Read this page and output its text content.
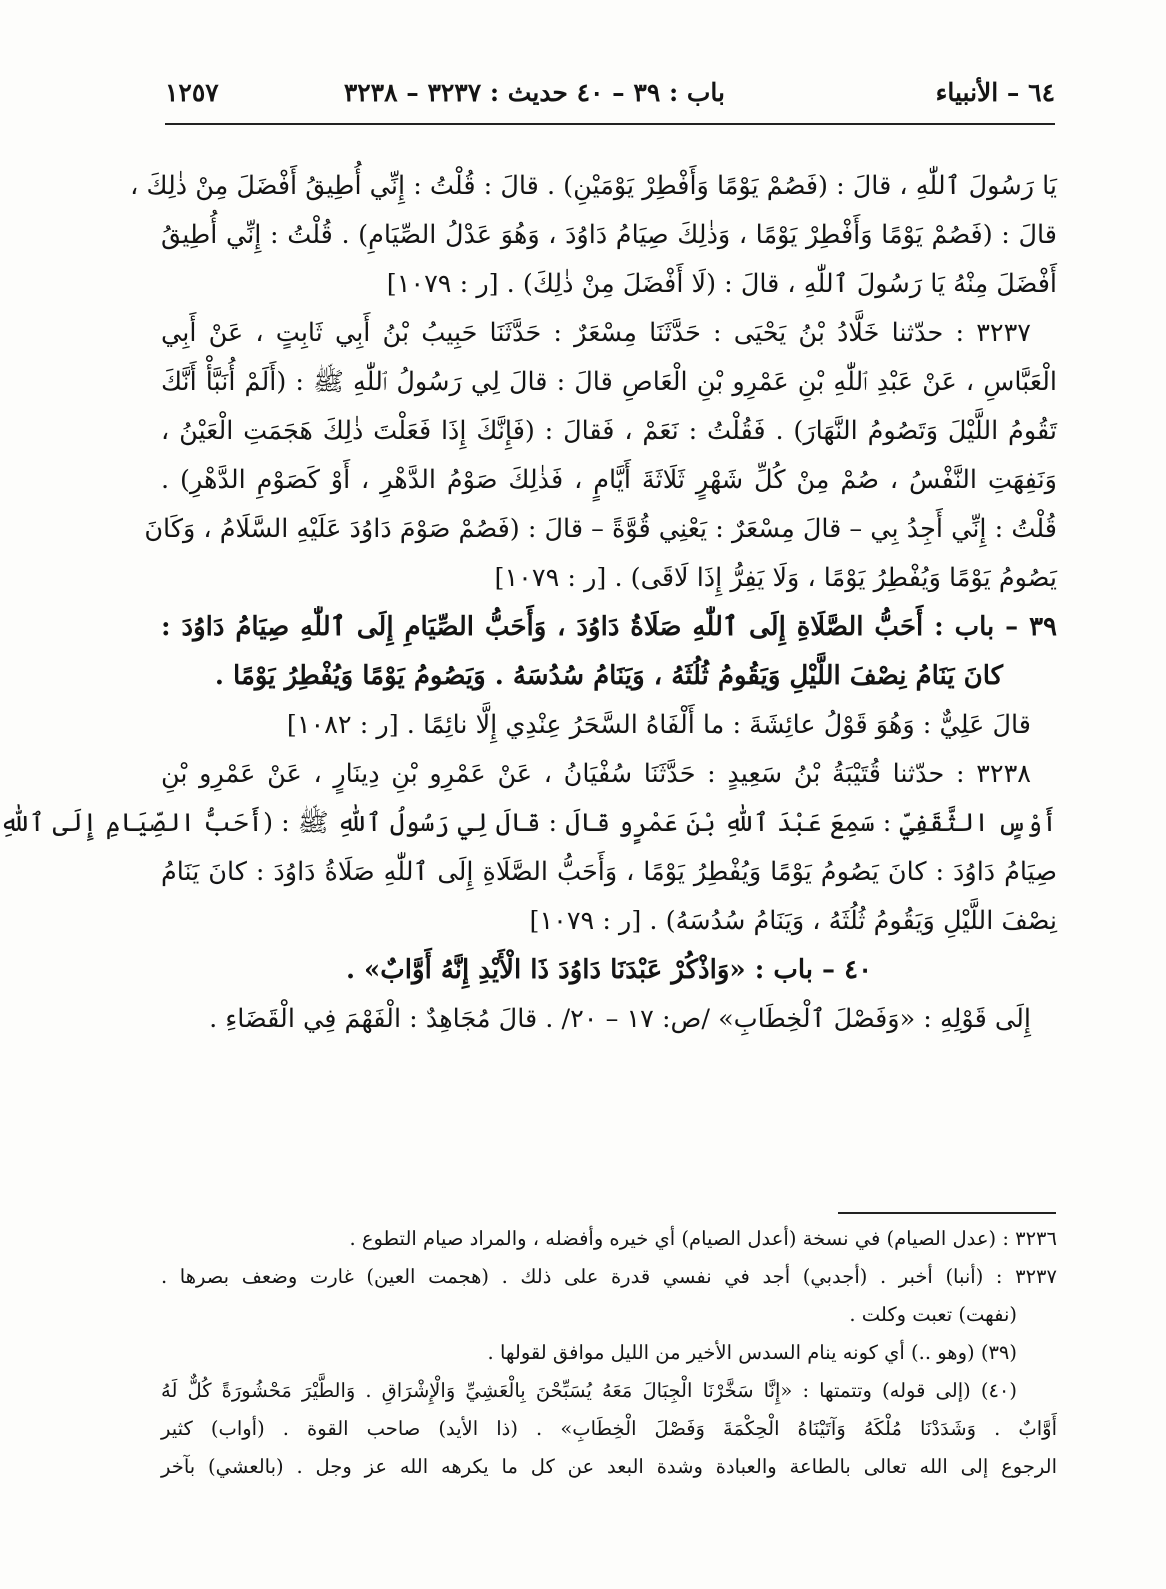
٦٤ – الأنبياء
باب : ٣٩ – ٤٠ حديث : ٣٢٣٧ – ٣٢٣٨
١٢٥٧
يَا رَسُولَ ٱللّٰهِ ، قالَ : (فَصُمْ يَوْمًا وَأَفْطِرْ يَوْمَيْنِ) . قالَ : قُلْتُ : إِنِّي أُطِيقُ أَفْضَلَ مِنْ ذٰلِكَ ،
قالَ : (فَصُمْ يَوْمًا وَأَفْطِرْ يَوْمًا ، وَذٰلِكَ صِيَامُ دَاوُدَ ، وَهُوَ عَدْلُ الصِّيَامِ) . قُلْتُ : إِنِّي أُطِيقُ
أَفْضَلَ مِنْهُ يَا رَسُولَ ٱللّٰهِ ، قالَ : (لَا أَفْضَلَ مِنْ ذٰلِكَ) . [ر : ١٠٧٩]
٣٢٣٧ : حدّثنا خَلَّادُ بْنُ يَحْيَى : حَدَّثَنَا مِسْعَرٌ : حَدَّثَنَا حَبِيبُ بْنُ أَبِي ثَابِتٍ ، عَنْ أَبِي
الْعَبَّاسِ ، عَنْ عَبْدِ ٱللّٰهِ بْنِ عَمْرِو بْنِ الْعَاصِ قالَ : قالَ لِي رَسُولُ ٱللّٰهِ ﷺ : (أَلَمْ أُنَبَّأْ أَنَّكَ
تَقُومُ اللَّيْلَ وَتَصُومُ النَّهَارَ) . فَقُلْتُ : نَعَمْ ، فَقالَ : (فَإِنَّكَ إِذَا فَعَلْتَ ذٰلِكَ هَجَمَتِ الْعَيْنُ ،
وَنَفِهَتِ النَّفْسُ ، صُمْ مِنْ كُلِّ شَهْرٍ ثَلَاثَةَ أَيَّامٍ ، فَذٰلِكَ صَوْمُ الدَّهْرِ ، أَوْ كَصَوْمِ الدَّهْرِ) .
قُلْتُ : إِنِّي أَجِدُ بِي – قالَ مِسْعَرٌ : يَعْنِي قُوَّةً – قالَ : (فَصُمْ صَوْمَ دَاوُدَ عَلَيْهِ السَّلَامُ ، وَكَانَ
يَصُومُ يَوْمًا وَيُفْطِرُ يَوْمًا ، وَلَا يَفِرُّ إِذَا لَاقَى) . [ر : ١٠٧٩]
٣٩ – باب : أَحَبُّ الصَّلَاةِ إِلَى ٱللّٰهِ صَلَاةُ دَاوُدَ ، وَأَحَبُّ الصِّيَامِ إِلَى ٱللّٰهِ صِيَامُ دَاوُدَ :
كانَ يَنَامُ نِصْفَ اللَّيْلِ وَيَقُومُ ثُلُثَهُ ، وَيَنَامُ سُدُسَهُ . وَيَصُومُ يَوْمًا وَيُفْطِرُ يَوْمًا .
قالَ عَلِيٌّ : وَهُوَ قَوْلُ عائِشَةَ : ما أَلْفَاهُ السَّحَرُ عِنْدِي إِلَّا نائِمًا . [ر : ١٠٨٢]
٣٢٣٨ : حدّثنا قُتَيْبَةُ بْنُ سَعِيدٍ : حَدَّثَنَا سُفْيَانُ ، عَنْ عَمْرِو بْنِ دِينَارٍ ، عَنْ عَمْرِو بْنِ
أَوْسٍ الثَّقَفِيِّ : سَمِعَ عَبْدَ ٱللّٰهِ بْنَ عَمْرٍو قالَ : قالَ لِي رَسُولُ ٱللّٰهِ ﷺ : (أَحَبُّ الصِّيَامِ إِلَى ٱللّٰهِ
صِيَامُ دَاوُدَ : كانَ يَصُومُ يَوْمًا وَيُفْطِرُ يَوْمًا ، وَأَحَبُّ الصَّلَاةِ إِلَى ٱللّٰهِ صَلَاةُ دَاوُدَ : كانَ يَنَامُ
نِصْفَ اللَّيْلِ وَيَقُومُ ثُلُثَهُ ، وَيَنَامُ سُدُسَهُ) . [ر : ١٠٧٩]
٤٠ – باب : «وَاذْكُرْ عَبْدَنَا دَاوُدَ ذَا الْأَيْدِ إِنَّهُ أَوَّابٌ» .
إِلَى قَوْلِهِ : «وَفَصْلَ ٱلْخِطَابِ» /ص: ١٧ – ٢٠/ . قالَ مُجَاهِدٌ : الْفَهْمَ فِي الْقَضَاءِ .
٣٢٣٦ : (عدل الصيام) في نسخة (أعدل الصيام) أي خيره وأفضله ، والمراد صيام التطوع .
٣٢٣٧ : (أنبا) أخبر . (أجدبي) أجد في نفسي قدرة على ذلك . (هجمت العين) غارت وضعف بصرها .
(نفهت) تعبت وكلت .
(٣٩) (وهو ..) أي كونه ينام السدس الأخير من الليل موافق لقولها .
(٤٠) (إلى قوله) وتتمتها : «إِنَّا سَخَّرْنَا الْجِبَالَ مَعَهُ يُسَبِّحْنَ بِالْعَشِيِّ وَالْإِشْرَاقِ . وَالطَّيْرَ مَحْشُورَةً كُلٌّ لَهُ
أَوَّابٌ . وَشَدَدْنَا مُلْكَهُ وَآتَيْنَاهُ الْحِكْمَةَ وَفَصْلَ الْخِطَابِ» . (ذا الأيد) صاحب القوة . (أواب) كثير
الرجوع إلى الله تعالى بالطاعة والعبادة وشدة البعد عن كل ما يكرهه الله عز وجل . (بالعشي) بآخر
